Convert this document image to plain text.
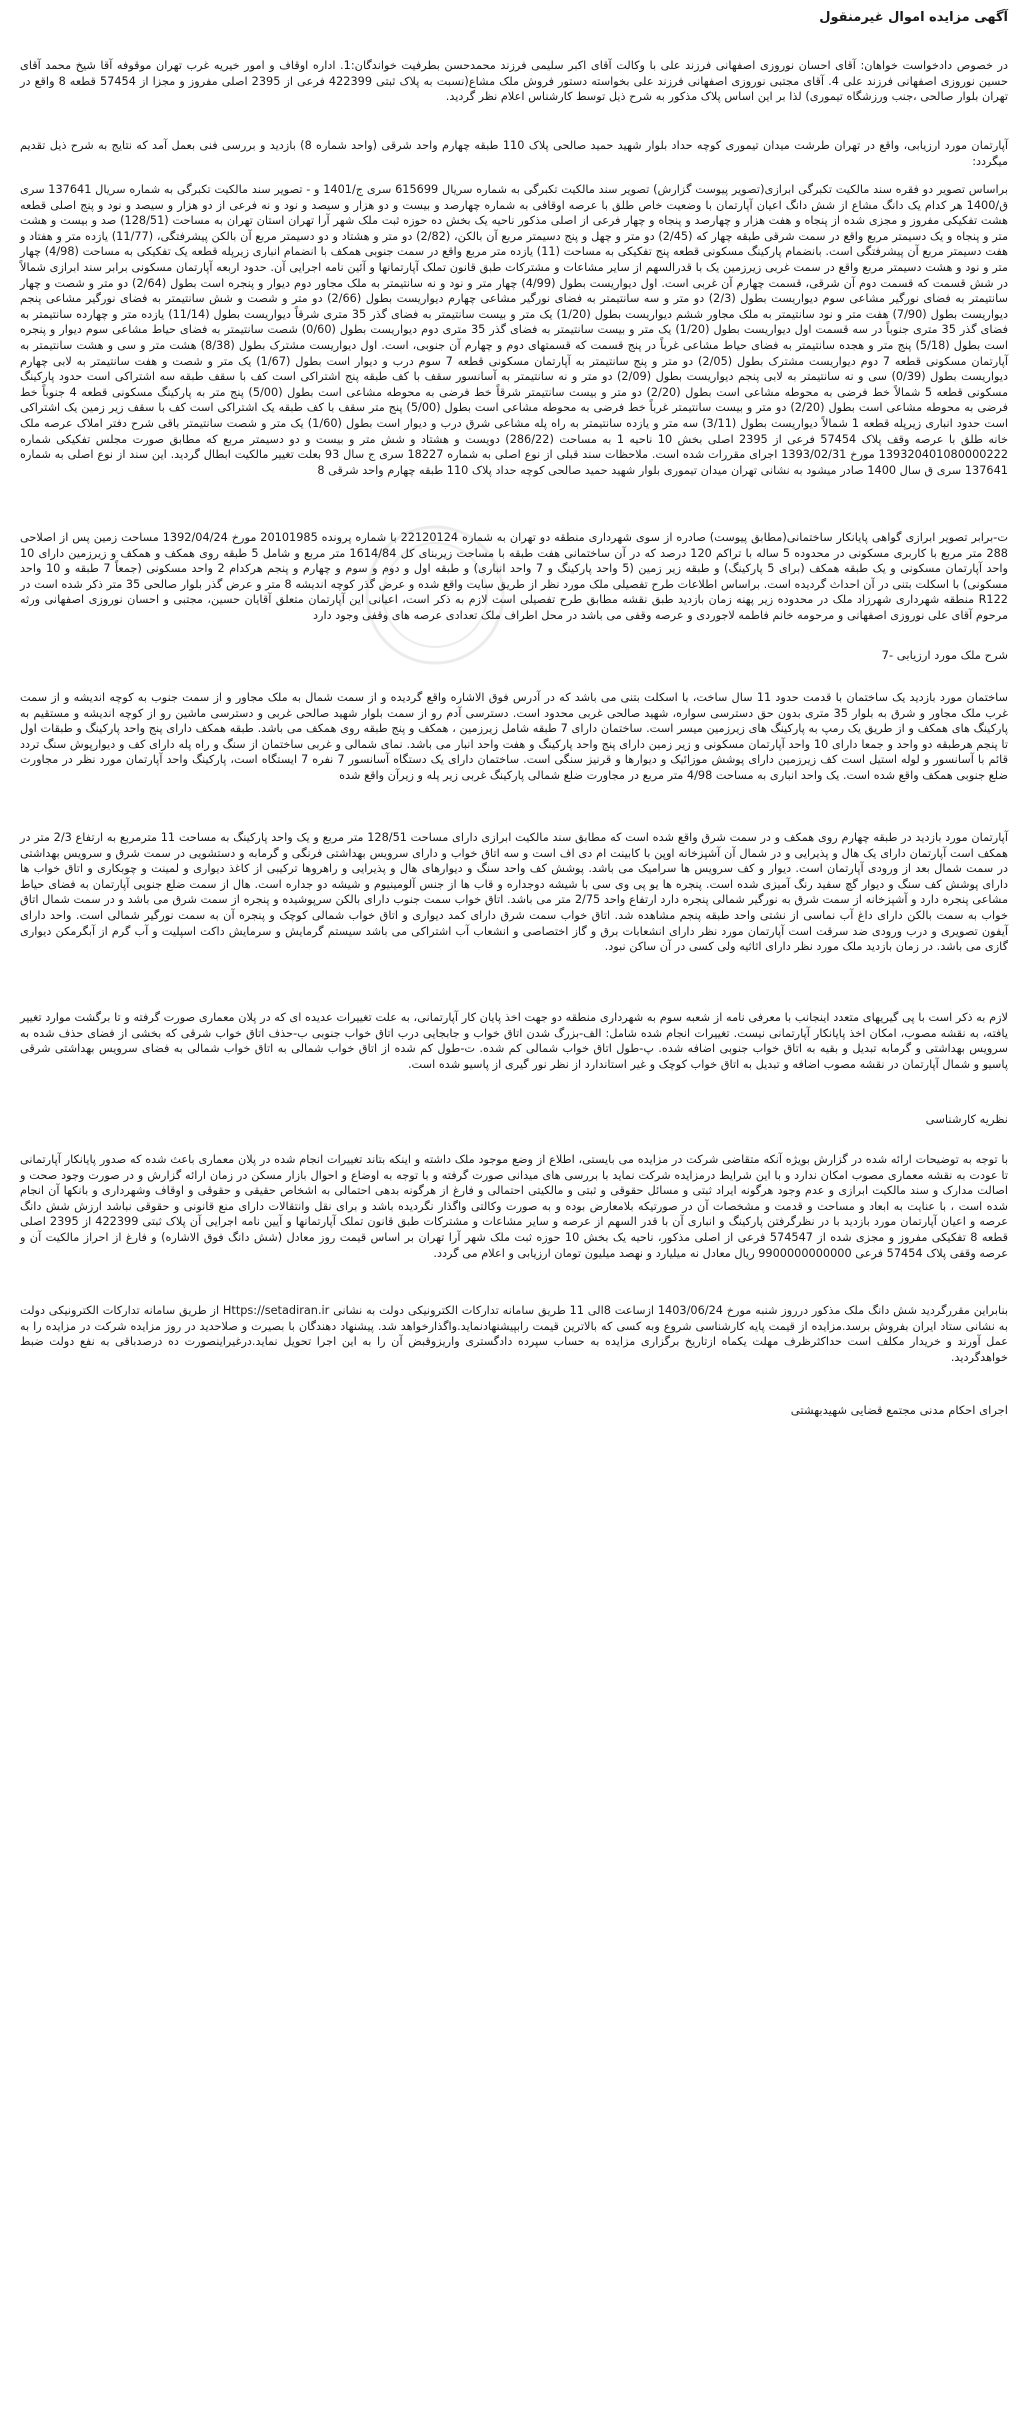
آگهی مزایده اموال غیرمنقول

در خصوص دادخواست خواهان: آقای احسان نوروزی اصفهانی فرزند علی با وکالت آقای اکبر سلیمی فرزند محمدحسن بطرفیت خواندگان:1. اداره اوقاف و امور خیریه غرب تهران موقوفه آقا شیخ محمد آقای حسین نوروزی اصفهانی فرزند علی 4. آقای مجتبی نوروزی اصفهانی فرزند علی بخواسته دستور فروش ملک مشاع(نسبت به پلاک ثبتی 422399 فرعی از 2395 اصلی مفروز و مجزا از 57454 قطعه 8 واقع در تهران بلوار صالحی ،جنب ورزشگاه تیموری) لذا بر این اساس پلاک مذکور به شرح ذیل توسط کارشناس اعلام نظر گردید.

آپارتمان مورد ارزیابی، واقع در تهران طرشت میدان تیموری کوچه حداد بلوار شهید حمید صالحی پلاک 110 طبقه چهارم واحد شرقی (واحد شماره 8) بازدید و بررسی فنی بعمل آمد که نتایج به شرح ذیل تقدیم میگردد:

براساس تصویر دو فقره سند مالکیت تکبرگی ابرازی(تصویر پیوست گزارش) تصویر سند مالکیت تکبرگی به شماره سریال 615699 سری ج/1401 و - تصویر سند مالکیت تکبرگی به شماره سریال 137641 سری ق/1400 هر کدام یک دانگ مشاع از شش دانگ اعیان آپارتمان با وضعیت خاص طلق با عرصه اوقافی به شماره چهارصد و بیست و دو هزار و سیصد و نود و نه فرعی از دو هزار و سیصد و نود و پنج اصلی قطعه هشت تفکیکی مفروز و مجزی شده از پنجاه و هفت هزار و چهارصد و پنجاه و چهار فرعی از اصلی مذکور ناحیه یک بخش ده حوزه ثبت ملک شهر آرا تهران استان تهران به مساحت (128/51) صد و بیست و هشت متر و پنجاه و یک دسیمتر مربع واقع در سمت شرقی طبقه چهار که (2/45) دو متر و چهل و پنج دسیمتر مربع آن بالکن، (2/82) دو متر و هشتاد و دو دسیمتر مربع آن بالکن پیشرفتگی، (11/77) یازده متر و هفتاد و هفت دسیمتر مربع آن پیشرفتگی است. بانضمام پارکینگ مسکونی قطعه پنج تفکیکی به مساحت (11) یازده متر مربع واقع در سمت جنوبی همکف با انضمام انباری زیرپله قطعه یک تفکیکی به مساحت (4/98) چهار متر و نود و هشت دسیمتر مربع واقع در سمت غربی زیرزمین یک با قدرالسهم از سایر مشاعات و مشترکات طبق قانون تملک آپارتمانها و آئین نامه اجرایی آن. حدود اربعه آپارتمان مسکونی برابر سند ابرازی شمالاً در شش قسمت که قسمت دوم آن شرقی، قسمت چهارم آن غربی است. اول دیواریست بطول (4/99) چهار متر و نود و نه سانتیمتر به ملک مجاور دوم دیوار و پنجره است بطول (2/64) دو متر و شصت و چهار سانتیمتر به فضای نورگیر مشاعی سوم دیواریست بطول (2/3) دو متر و سه سانتیمتر به فضای نورگیر مشاعی چهارم دیواریست بطول (2/66) دو متر و شصت و شش سانتیمتر به فضای نورگیر مشاعی پنجم دیواریست بطول (7/90) هفت متر و نود سانتیمتر به ملک مجاور ششم دیواریست بطول (1/20) یک متر و بیست سانتیمتر به فضای گذر 35 متری شرقاً دیواریست بطول (11/14) یازده متر و چهارده سانتیمتر به فضای گذر 35 متری جنوباً در سه قسمت اول دیواریست بطول (1/20) یک متر و بیست سانتیمتر به فضای گذر 35 متری دوم دیواریست بطول (0/60) شصت سانتیمتر به فضای حیاط مشاعی سوم دیوار و پنجره است بطول (5/18) پنج متر و هجده سانتیمتر به فضای حیاط مشاعی غرباً در پنج قسمت که قسمتهای دوم و چهارم آن جنوبی، است. اول دیواریست مشترک بطول (8/38) هشت متر و سی و هشت سانتیمتر به آپارتمان مسکونی قطعه 7 دوم دیواریست مشترک بطول (2/05) دو متر و پنج سانتیمتر به آپارتمان مسکونی قطعه 7 سوم درب و دیوار است بطول (1/67) یک متر و شصت و هفت سانتیمتر به لابی چهارم دیواریست بطول (0/39) سی و نه سانتیمتر به لابی پنجم دیواریست بطول (2/09) دو متر و نه سانتیمتر به آسانسور سقف با کف طبقه پنج اشتراکی است کف با سقف طبقه سه اشتراکی است حدود پارکینگ مسکونی قطعه 5 شمالاً خط فرضی به محوطه مشاعی است بطول (2/20) دو متر و بیست سانتیمتر شرقاً خط فرضی به محوطه مشاعی است بطول (5/00) پنج متر به پارکینگ مسکونی قطعه 4 جنوباً خط فرضی به محوطه مشاعی است بطول (2/20) دو متر و بیست سانتیمتر غرباً خط فرضی به محوطه مشاعی است بطول (5/00) پنج متر سقف با کف طبقه یک اشتراکی است کف با سقف زیر زمین یک اشتراکی است حدود انباری زیرپله قطعه 1 شمالاً دیواریست بطول (3/11) سه متر و یازده سانتیمتر به راه پله مشاعی شرق درب و دیوار است بطول (1/60) یک متر و شصت سانتیمتر باقی شرح دفتر املاک عرصه ملک خانه طلق با عرصه وقف پلاک 57454 فرعی از 2395 اصلی بخش 10 ناحیه 1 به مساحت (286/22) دویست و هشتاد و شش متر و بیست و دو دسیمتر مربع که مطابق صورت مجلس تفکیکی شماره 139320401080000222 مورخ 1393/02/31 اجرای مقررات شده است. ملاحظات سند قبلی از نوع اصلی به شماره 18227 سری ج سال 93 بعلت تغییر مالکیت ابطال گردید. این سند از نوع اصلی به شماره 137641 سری ق سال 1400 صادر میشود به نشانی تهران میدان تیموری بلوار شهید حمید صالحی کوچه حداد پلاک 110 طبقه چهارم واحد شرقی 8

ت-برابر تصویر ابرازی گواهی پایانکار ساختمانی(مطابق پیوست) صادره از سوی شهرداری منطقه دو تهران به شماره 22120124 با شماره پرونده 20101985 مورخ 1392/04/24 مساحت زمین پس از اصلاحی 288 متر مربع با کاربری مسکونی در محدوده 5 ساله با تراکم 120 درصد که در آن ساختمانی هفت طبقه با مساحت زیربنای کل 1614/84 متر مربع و شامل 5 طبقه روی همکف و همکف و زیرزمین دارای 10 واحد آپارتمان مسکونی و یک طبقه همکف (برای 5 پارکینگ) و طبقه زیر زمین (5 واحد پارکینگ و 7 واحد انباری) و طبقه اول و دوم و سوم و چهارم و پنجم هرکدام 2 واحد مسکونی (جمعاً 7 طبقه و 10 واحد مسکونی) با اسکلت بتنی در آن احداث گردیده است. براساس اطلاعات طرح تفصیلی ملک مورد نظر از طریق سایت واقع شده و عرض گذر کوچه اندیشه 8 متر و عرض گذر بلوار صالحی 35 متر ذکر شده است در R122 منطقه شهرداری شهرزاد ملک در محدوده زیر پهنه زمان بازدید طبق نقشه مطابق طرح تفصیلی است لازم به ذکر است، اعیانی این آپارتمان متعلق آقایان حسین، مجتبی و احسان نوروزی اصفهانی ورثه مرحوم آقای علی نوروزی اصفهانی و مرحومه خانم فاطمه لاجوردی و عرصه وقفی می باشد در محل اطراف ملک تعدادی عرصه های وقفی وجود دارد

شرح ملک مورد ارزیابی -7

ساختمان مورد بازدید یک ساختمان با قدمت حدود 11 سال ساخت، با اسکلت بتنی می باشد که در آدرس فوق الاشاره واقع گردیده و از سمت شمال به ملک مجاور و از سمت جنوب به کوچه اندیشه و از سمت غرب ملک مجاور و شرق به بلوار 35 متری بدون حق دسترسی سواره، شهید صالحی غربی محدود است. دسترسی آدم رو از سمت بلوار شهید صالحی غربی و دسترسی ماشین رو از کوچه اندیشه و مستقیم به پارکینگ های همکف و از طریق یک رمپ به پارکینگ های زیرزمین میسر است. ساختمان دارای 7 طبقه شامل زیرزمین ، همکف و پنج طبقه روی همکف می باشد. طبقه همکف دارای پنج واحد پارکینگ و طبقات اول تا پنجم هرطبقه دو واحد و جمعا دارای 10 واحد آپارتمان مسکونی و زیر زمین دارای پنج واحد پارکینگ و هفت واحد انبار می باشد. نمای شمالی و غربی ساختمان از سنگ و راه پله دارای کف و دیوارپوش سنگ تردد قائم با آسانسور و لوله استیل است کف زیرزمین دارای پوشش موزائیک و دیوارها و قرنیز سنگی است. ساختمان دارای یک دستگاه آسانسور 7 نفره 7 ایستگاه است، پارکینگ واحد آپارتمان مورد نظر در مجاورت ضلع جنوبی همکف واقع شده است. یک واحد انباری به مساحت 4/98 متر مربع در مجاورت ضلع شمالی پارکینگ غربی زیر پله و زیرآن واقع شده

آپارتمان مورد بازدید در طبقه چهارم روی همکف و در سمت شرق واقع شده است که مطابق سند مالکیت ابرازی دارای مساحت 128/51 متر مربع و یک واحد پارکینگ به مساحت 11 مترمربع به ارتفاع 2/3 متر در همکف است آپارتمان دارای یک هال و پذیرایی و در شمال آن آشپزخانه اوپن با کابینت ام دی اف است و سه اتاق خواب و دارای سرویس بهداشتی فرنگی و گرمابه و دستشویی در سمت شرق و سرویس بهداشتی در سمت شمال بعد از ورودی آپارتمان است. دیوار و کف سرویس ها سرامیک می باشد. پوشش کف واحد سنگ و دیوارهای هال و پذیرایی و راهروها ترکیبی از کاغذ دیواری و لمینت و چوبکاری و اتاق خواب ها دارای پوشش کف سنگ و دیوار گچ سفید رنگ آمیزی شده است. پنجره ها یو پی وی سی با شیشه دوجداره و قاب ها از جنس آلومینیوم و شیشه دو جداره است. هال از سمت ضلع جنوبی آپارتمان به فضای حیاط مشاعی پنجره دارد و آشپزخانه از سمت شرق به نورگیر شمالی پنجره دارد ارتفاع واحد 2/75 متر می باشد. اتاق خواب سمت جنوب دارای بالکن سرپوشیده و پنجره از سمت شرق می باشد و در سمت شمال اتاق خواب به سمت بالکن دارای داغ آب نماسی از نشتی واحد طبقه پنجم مشاهده شد. اتاق خواب سمت شرق دارای کمد دیواری و اتاق خواب شمالی کوچک و پنجره آن به سمت نورگیر شمالی است. واحد دارای آیفون تصویری و درب ورودی ضد سرقت است آپارتمان مورد نظر دارای انشعابات برق و گاز اختصاصی و انشعاب آب اشتراکی می باشد سیستم گرمایش و سرمایش داکت اسپلیت و آب گرم از آبگرمکن دیواری گازی می باشد. در زمان بازدید ملک مورد نظر دارای اثاثیه ولی کسی در آن ساکن نبود.

لازم به ذکر است با پی گیریهای متعدد اینجانب با معرفی نامه از شعبه سوم به شهرداری منطقه دو جهت اخذ پایان کار آپارتمانی، به علت تغییرات عدیده ای که در پلان معماری صورت گرفته و تا برگشت موارد تغییر یافته، به نقشه مصوب، امکان اخذ پایانکار آپارتمانی نیست. تغییرات انجام شده شامل: الف-بزرگ شدن اتاق خواب و جابجایی درب اتاق خواب جنوبی ب-حذف اتاق خواب شرقی که بخشی از فضای حذف شده به سرویس بهداشتی و گرمابه تبدیل و بقیه به اتاق خواب جنوبی اضافه شده. پ-طول اتاق خواب شمالی کم شده. ت-طول کم شده از اتاق خواب شمالی به اتاق خواب شمالی به فضای سرویس بهداشتی شرقی پاسیو و شمال آپارتمان در نقشه مصوب اضافه و تبدیل به اتاق خواب کوچک و غیر استاندارد از نظر نور گیری از پاسیو شده است.

نظریه کارشناسی

با توجه به توضیحات ارائه شده در گزارش بویژه آنکه متقاضی شرکت در مزایده می بایستی، اطلاع از وضع موجود ملک داشته و اینکه بتاند تغییرات انجام شده در پلان معماری باعث شده که صدور پایانکار آپارتمانی تا عودت به نقشه معماری مصوب امکان ندارد و با این شرایط درمزایده شرکت نماید با بررسی های میدانی صورت گرفته و با توجه به اوضاع و احوال بازار مسکن در زمان ارائه گزارش و در صورت وجود صحت و اصالت مدارک و سند مالکیت ابرازی و عدم وجود هرگونه ایراد ثبتی و مسائل حقوقی و ثبتی و مالکیتی احتمالی و فارغ از هرگونه بدهی احتمالی به اشخاص حقیقی و حقوقی و اوقاف وشهرداری و بانکها آن انجام شده است ، با عنایت به ابعاد و مساحت و قدمت و مشخصات آن در صورتیکه بلامعارض بوده و به صورت وکالتی واگذار نگردیده باشد و برای نقل وانتقالات دارای منع قانونی و حقوقی نباشد ارزش شش دانگ عرصه و اعیان آپارتمان مورد بازدید با در نظرگرفتن پارکینگ و انباری آن با قدر السهم از عرصه و سایر مشاعات و مشترکات طبق قانون تملک آپارتمانها و آیین نامه اجرایی آن پلاک ثبتی 422399 از 2395 اصلی قطعه 8 تفکیکی مفروز و مجزی شده از 574547 فرعی از اصلی مذکور، ناحیه یک بخش 10 حوزه ثبت ملک شهر آرا تهران بر اساس قیمت روز معادل (شش دانگ فوق الاشاره) و فارغ از احراز مالکیت آن و عرصه وقفی پلاک 57454 فرعی 9900000000000 ریال معادل نه میلیارد و نهصد میلیون تومان ارزیابی و اعلام می گردد.

بنابراین مقررگردید شش دانگ ملک مذکور درروز شنبه مورخ 1403/06/24 ازساعت 8الی 11 طریق سامانه تدارکات الکترونیکی دولت به نشانی Https://setadiran.ir از طریق سامانه تدارکات الکترونیکی دولت به نشانی ستاد ایران بفروش برسد.مزایده از قیمت پایه کارشناسی شروع وبه کسی که بالاترین قیمت رابپیشنهادنماید.واگذارخواهد شد. پیشنهاد دهندگان با بصیرت و صلاحدید در روز مزایده شرکت در مزایده را به عمل آورند و خریدار مکلف است حداکثرظرف مهلت یکماه ازتاریخ برگزاری مزایده به حساب سپرده دادگستری واریزوقبض آن را به این اجرا تحویل نماید.درغیراینصورت ده درصدباقی به نفع دولت ضبط خواهدگردید.

اجرای احکام مدنی مجتمع قضایی شهیدبهشتی
